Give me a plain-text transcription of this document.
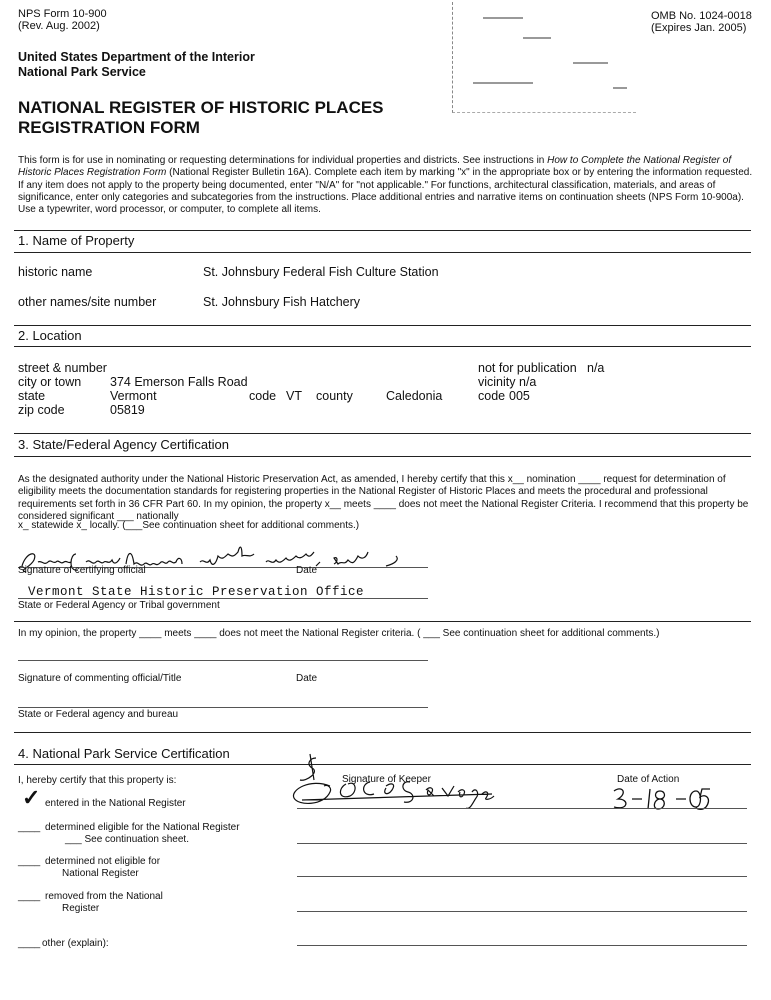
NPS Form 10-900
(Rev. Aug. 2002)
OMB No. 1024-0018
(Expires Jan. 2005)
United States Department of the Interior
National Park Service
NATIONAL REGISTER OF HISTORIC PLACES
REGISTRATION FORM
This form is for use in nominating or requesting determinations for individual properties and districts. See instructions in How to Complete the National Register of Historic Places Registration Form (National Register Bulletin 16A). Complete each item by marking "x" in the appropriate box or by entering the information requested. If any item does not apply to the property being documented, enter "N/A" for "not applicable." For functions, architectural classification, materials, and areas of significance, enter only categories and subcategories from the instructions. Place additional entries and narrative items on continuation sheets (NPS Form 10-900a). Use a typewriter, word processor, or computer, to complete all items.
1. Name of Property
historic name	St. Johnsbury Federal Fish Culture Station
other names/site number	St. Johnsbury Fish Hatchery
2. Location
street & number	not for publication n/a
city or town 374 Emerson Falls Road	vicinity n/a
state	Vermont	code VT county	Caledonia	code 005
zip code	05819
3. State/Federal Agency Certification
As the designated authority under the National Historic Preservation Act, as amended, I hereby certify that this x__ nomination ____ request for determination of eligibility meets the documentation standards for registering properties in the National Register of Historic Places and meets the procedural and professional requirements set forth in 36 CFR Part 60. In my opinion, the property x__ meets ____ does not meet the National Register Criteria. I recommend that this property be considered significant ___ nationally
x_ statewide x_ locally. (___See continuation sheet for additional comments.)
Signature of certifying official	Date
Vermont State Historic Preservation Office
State or Federal Agency or Tribal government
In my opinion, the property ____ meets ____ does not meet the National Register criteria. ( ___ See continuation sheet for additional comments.)
Signature of commenting official/Title	Date
State or Federal agency and bureau
4. National Park Service Certification
I, hereby certify that this property is:	Signature of Keeper	Date of Action
✓ entered in the National Register
____ determined eligible for the National Register
___ See continuation sheet.
____ determined not eligible for
National Register
____ removed from the National
Register
____ other (explain):
